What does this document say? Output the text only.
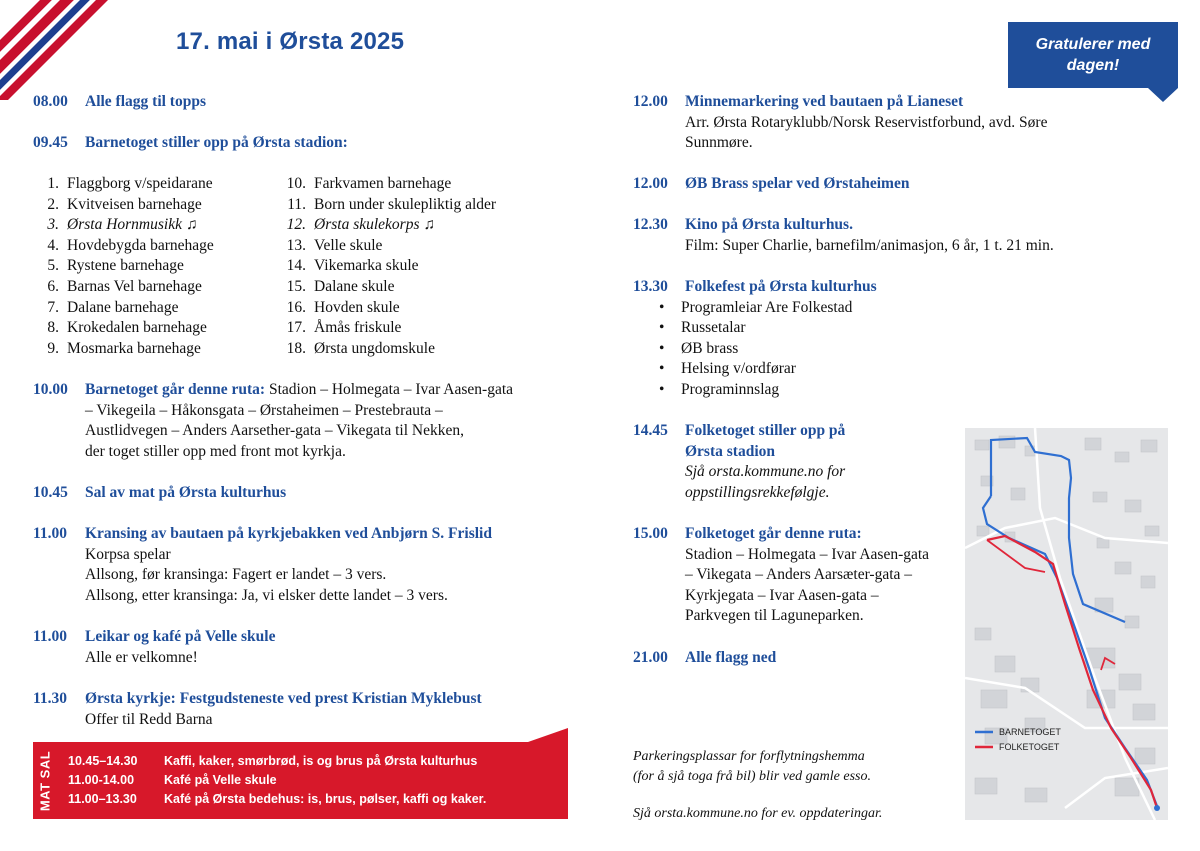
17. mai i Ørsta 2025	Gratulerer med
dagen!
08.00 Alle flagg til topps
09.45 Barnetoget stiller opp på Ørsta stadion:
1. Flaggborg v/speidarane
2. Kvitveisen barnehage
3. Ørsta Hornmusikk ♫
4. Hovdebygda barnehage
5. Rystene barnehage
6. Barnas Vel barnehage
7. Dalane barnehage
8. Krokedalen barnehage
9. Mosmarka barnehage
10. Farkvamen barnehage
11. Born under skulepliktig alder
12. Ørsta skulekorps ♫
13. Velle skule
14. Vikemarka skule
15. Dalane skule
16. Hovden skule
17. Åmås friskule
18. Ørsta ungdomskule
10.00 Barnetoget går denne ruta: Stadion – Holmegata – Ivar Aasen-gata
– Vikegeila – Håkonsgata – Ørstaheimen – Prestebrauta –
Austlidvegen – Anders Aarsether-gata – Vikegata til Nekken,
der toget stiller opp med front mot kyrkja.
10.45 Sal av mat på Ørsta kulturhus
11.00 Kransing av bautaen på kyrkjebakken ved Anbjørn S. Frislid
Korpsa spelar
Allsong, før kransinga: Fagert er landet – 3 vers.
Allsong, etter kransinga: Ja, vi elsker dette landet – 3 vers.
11.00 Leikar og kafé på Velle skule
Alle er velkomne!
11.30 Ørsta kyrkje: Festgudsteneste ved prest Kristian Myklebust
Offer til Redd Barna
MAT SAL 10.45–14.30 Kaffi, kaker, smørbrød, is og brus på Ørsta kulturhus
11.00-14.00 Kafé på Velle skule
11.00–13.30 Kafé på Ørsta bedehus: is, brus, pølser, kaffi og kaker.
12.00 Minnemarkering ved bautaen på Lianeset
Arr. Ørsta Rotaryklubb/Norsk Reservistforbund, avd. Søre
Sunnmøre.
12.00 ØB Brass spelar ved Ørstaheimen
12.30 Kino på Ørsta kulturhus.
Film: Super Charlie, barnefilm/animasjon, 6 år, 1 t. 21 min.
13.30 Folkefest på Ørsta kulturhus
• Programleiar Are Folkestad
• Russetalar
• ØB brass
• Helsing v/ordførar
• Programinnslag
14.45 Folketoget stiller opp på
Ørsta stadion
Sjå orsta.kommune.no for
oppstillingsrekkefølgje.
15.00 Folketoget går denne ruta:
Stadion – Holmegata – Ivar Aasen-gata
– Vikegata – Anders Aarsæter-gata –
Kyrkjegata – Ivar Aasen-gata –
Parkvegen til Laguneparken.
21.00 Alle flagg ned
Parkeringsplassar for forflytningshemma
(for å sjå toga frå bil) blir ved gamle esso.
Sjå orsta.kommune.no for ev. oppdateringar.
BARNETOGET
FOLKETOGET
